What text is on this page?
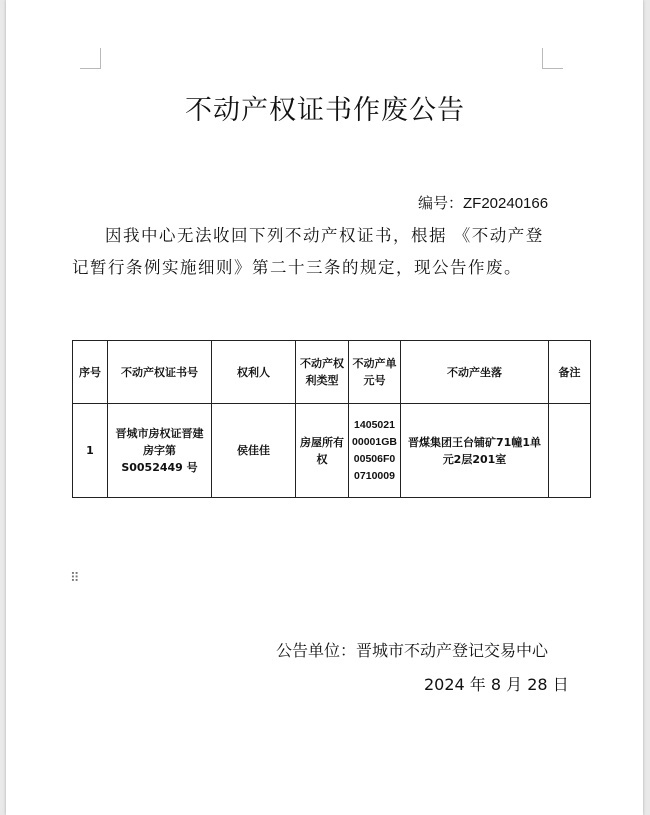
不动产权证书作废公告
编号：ZF20240166
因我中心无法收回下列不动产权证书，根据 《不动产登记暂行条例实施细则》第二十三条的规定，现公告作废。
序号	不动产权证书号	权利人	不动产权利类型	不动产单元号	不动产坐落	备注
1	晋城市房权证晋建房字第 S0052449 号	侯佳佳	房屋所有权	140502100001GB00506F00710009	晋煤集团王台铺矿71幢1单元2层201室	
⠿
公告单位：晋城市不动产登记交易中心
2024 年 8 月 28 日
